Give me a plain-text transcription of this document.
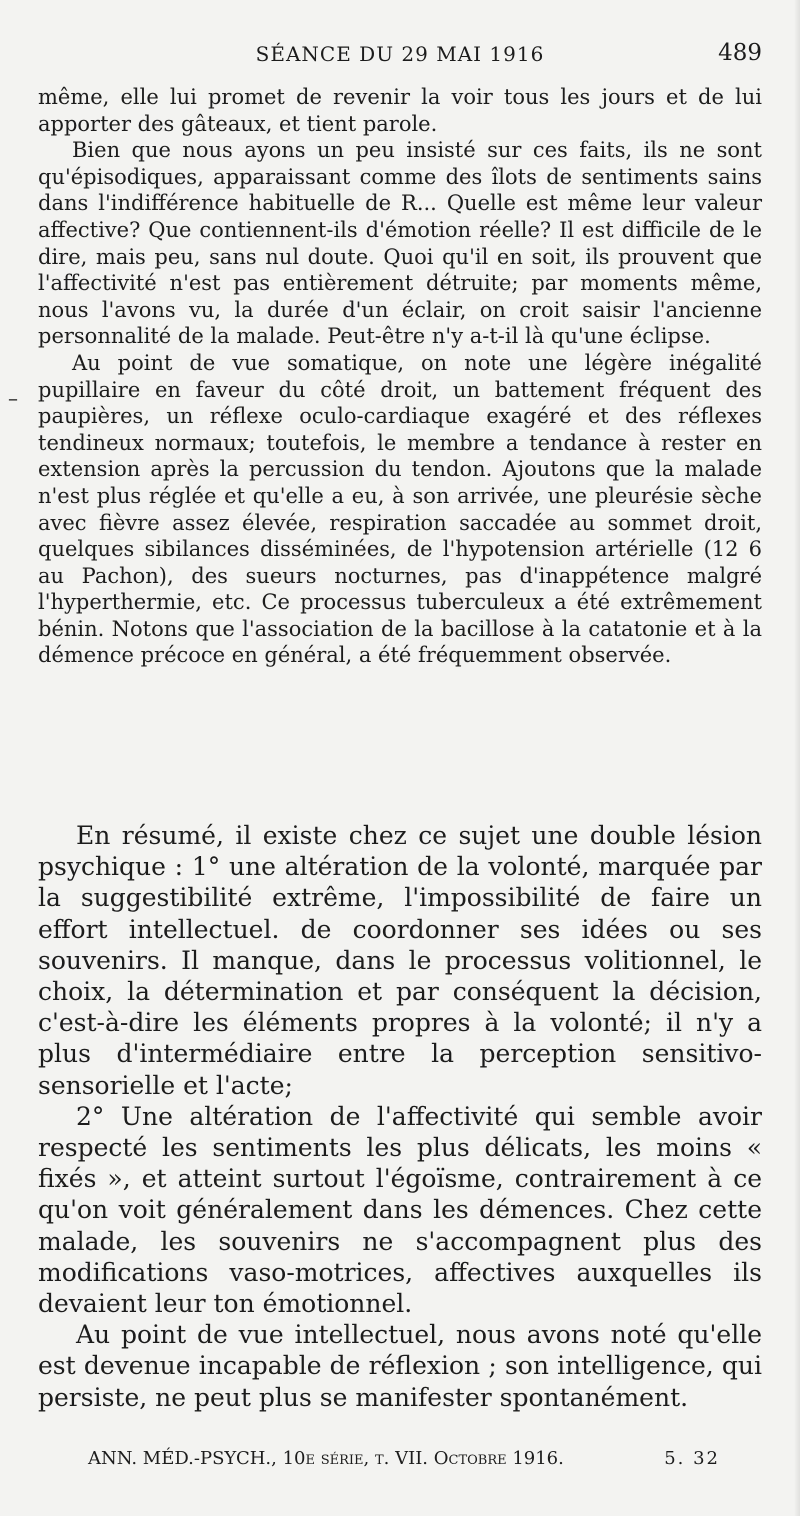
SÉANCE DU 29 MAI 1916	489
–

même, elle lui promet de revenir la voir tous les jours et de lui apporter des gâteaux, et tient parole.

Bien que nous ayons un peu insisté sur ces faits, ils ne sont qu'épisodiques, apparaissant comme des îlots de sentiments sains dans l'indifférence habituelle de R... Quelle est même leur valeur affective? Que contiennent-ils d'émotion réelle? Il est difficile de le dire, mais peu, sans nul doute. Quoi qu'il en soit, ils prouvent que l'affectivité n'est pas entièrement détruite; par moments même, nous l'avons vu, la durée d'un éclair, on croit saisir l'ancienne personnalité de la malade. Peut-être n'y a-t-il là qu'une éclipse.

Au point de vue somatique, on note une légère inégalité pupillaire en faveur du côté droit, un battement fréquent des paupières, un réflexe oculo-cardiaque exagéré et des réflexes tendineux normaux; toutefois, le membre a tendance à rester en extension après la percussion du tendon. Ajoutons que la malade n'est plus réglée et qu'elle a eu, à son arrivée, une pleurésie sèche avec fièvre assez élevée, respiration saccadée au sommet droit, quelques sibilances disséminées, de l'hypotension artérielle (12 6 au Pachon), des sueurs nocturnes, pas d'inappétence malgré l'hyperthermie, etc. Ce processus tuberculeux a été extrêmement bénin. Notons que l'association de la bacillose à la catatonie et à la démence précoce en général, a été fréquemment observée.

En résumé, il existe chez ce sujet une double lésion psychique : 1° une altération de la volonté, marquée par la suggestibilité extrême, l'impossibilité de faire un effort intellectuel. de coordonner ses idées ou ses souvenirs. Il manque, dans le processus volitionnel, le choix, la détermination et par conséquent la décision, c'est-à-dire les éléments propres à la volonté; il n'y a plus d'intermédiaire entre la perception sensitivo-sensorielle et l'acte;

2° Une altération de l'affectivité qui semble avoir respecté les sentiments les plus délicats, les moins « fixés », et atteint surtout l'égoïsme, contrairement à ce qu'on voit généralement dans les démences. Chez cette malade, les souvenirs ne s'accompagnent plus des modifications vaso-motrices, affectives auxquelles ils devaient leur ton émotionnel.

Au point de vue intellectuel, nous avons noté qu'elle est devenue incapable de réflexion ; son intelligence, qui persiste, ne peut plus se manifester spontanément.

ANN. MÉD.-PSYCH., 10e série, t. VII. Octobre 1916.	5. 32
